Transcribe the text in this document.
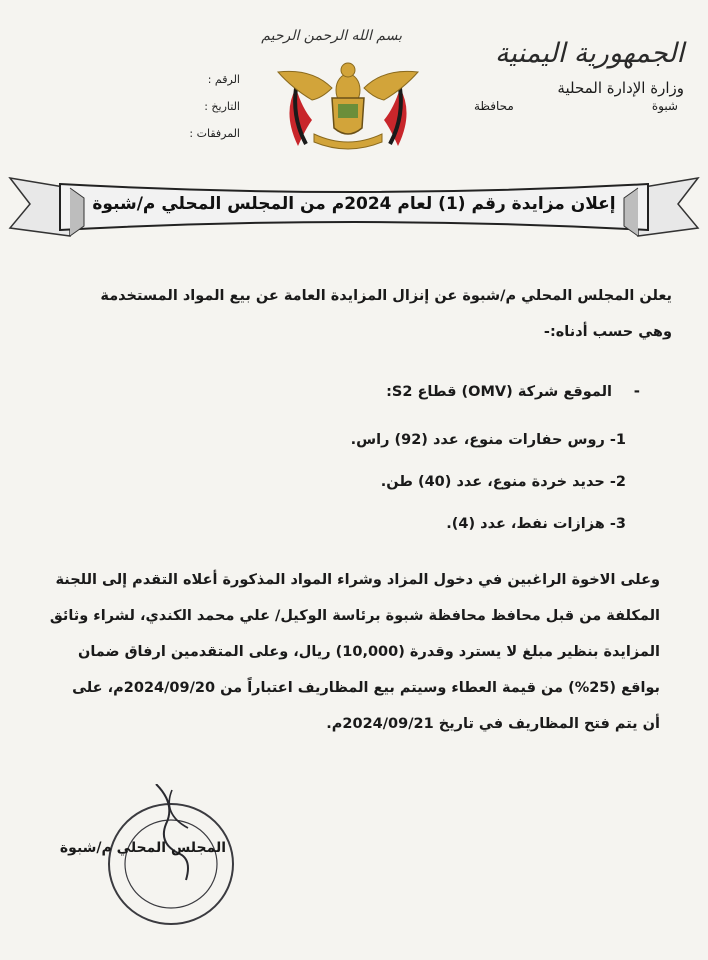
الجمهورية اليمنية
وزارة الإدارة المحلية
شبوة
محافظة
الرقم :
التاريخ :
المرفقات :
بسم الله الرحمن الرحيم
إعلان مزايدة رقم (1) لعام 2024م من المجلس المحلي م/شبوة
يعلن المجلس المحلي م/شبوة عن إنزال المزايدة العامة عن بيع المواد المستخدمة
وهي حسب أدناه:-
-
الموقع شركة (OMV) قطاع S2:
1- روس حفارات منوع، عدد (92) راس.
2- حديد خردة منوع، عدد (40) طن.
3- هزازات نفط، عدد (4).
وعلى الاخوة الراغبين في دخول المزاد وشراء المواد المذكورة أعلاه التقدم إلى اللجنة
المكلفة من قبل محافظ محافظة شبوة برئاسة الوكيل/ علي محمد الكندي، لشراء وثائق
المزايدة بنظير مبلغ لا يسترد وقدرة (10,000) ريال، وعلى المتقدمين ارفاق ضمان
بواقع (25%) من قيمة العطاء وسيتم بيع المظاريف اعتباراً من 2024/09/20م، على
أن يتم فتح المظاريف في تاريخ 2024/09/21م.
المجلس المحلي م/شبوة
